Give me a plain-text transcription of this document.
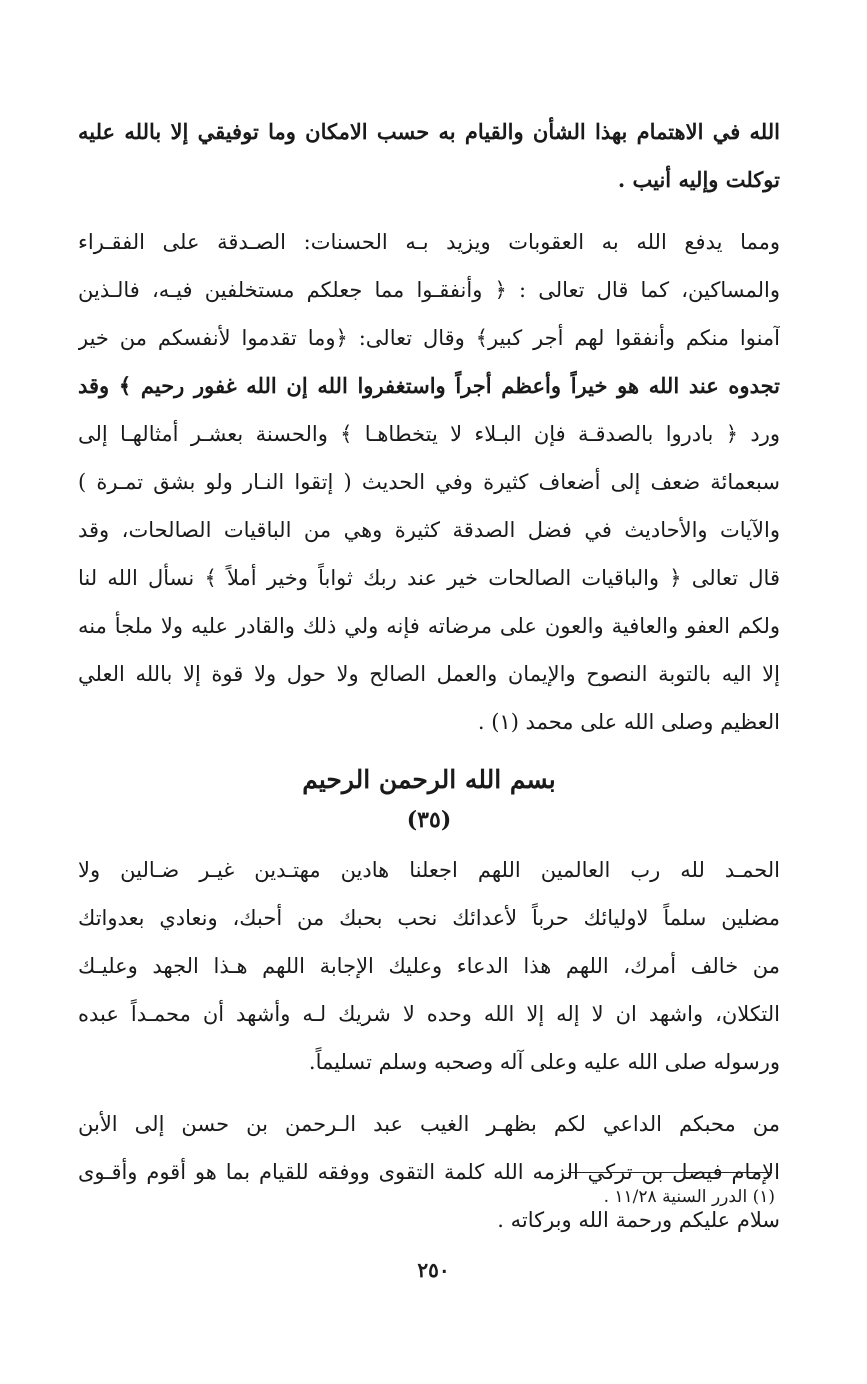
الله في الاهتمام بهذا الشأن والقيام به حسب الامكان وما توفيقي إلا بالله عليه
توكلت وإليه أنيب .
ومما يدفع الله به العقوبات ويزيد بـه الحسنات: الصـدقة على الفقـراء
والمساكين، كما قال تعالى : ﴿ وأنفقـوا مما جعلكم مستخلفين فيـه، فالـذين
آمنوا منكم وأنفقوا لهم أجر كبير﴾ وقال تعالى: ﴿وما تقدموا لأنفسكم من خير
تجدوه عند الله هو خيراً وأعظم أجراً واستغفروا الله إن الله غفور رحيم ﴾ وقد
ورد ﴿ بادروا بالصدقـة فإن البـلاء لا يتخطاهـا ﴾ والحسنة بعشـر أمثالهـا إلى
سبعمائة ضعف إلى أضعاف كثيرة وفي الحديث ( إتقوا النـار ولو بشق تمـرة )
والآيات والأحاديث في فضل الصدقة كثيرة وهي من الباقيات الصالحات، وقد
قال تعالى ﴿ والباقيات الصالحات خير عند ربك ثواباً وخير أملاً ﴾ نسأل الله لنا
ولكم العفو والعافية والعون على مرضاته فإنه ولي ذلك والقادر عليه ولا ملجأ منه
إلا اليه بالتوبة النصوح والإيمان والعمل الصالح ولا حول ولا قوة إلا بالله العلي
العظيم وصلى الله على محمد (١) .
بسم الله الرحمن الرحيم
(٣٥)
الحمـد لله رب العالمين اللهم اجعلنا هادين مهتـدين غيـر ضـالين ولا
مضلين سلماً لاوليائك حرباً لأعدائك نحب بحبك من أحبك، ونعادي بعدواتك
من خالف أمرك، اللهم هذا الدعاء وعليك الإجابة اللهم هـذا الجهد وعليـك
التكلان، واشهد ان لا إله إلا الله وحده لا شريك لـه وأشهد أن محمـداً عبده
ورسوله صلى الله عليه وعلى آله وصحبه وسلم تسليماً.
من محبكم الداعي لكم بظهـر الغيب عبد الـرحمن بن حسن إلى الأبن
الإمام فيصل بن تركي الزمه الله كلمة التقوى ووفقه للقيام بما هو أقوم وأقـوى
سلام عليكم ورحمة الله وبركاته .
(١) الدرر السنية ١١/٢٨ .
٢٥٠
